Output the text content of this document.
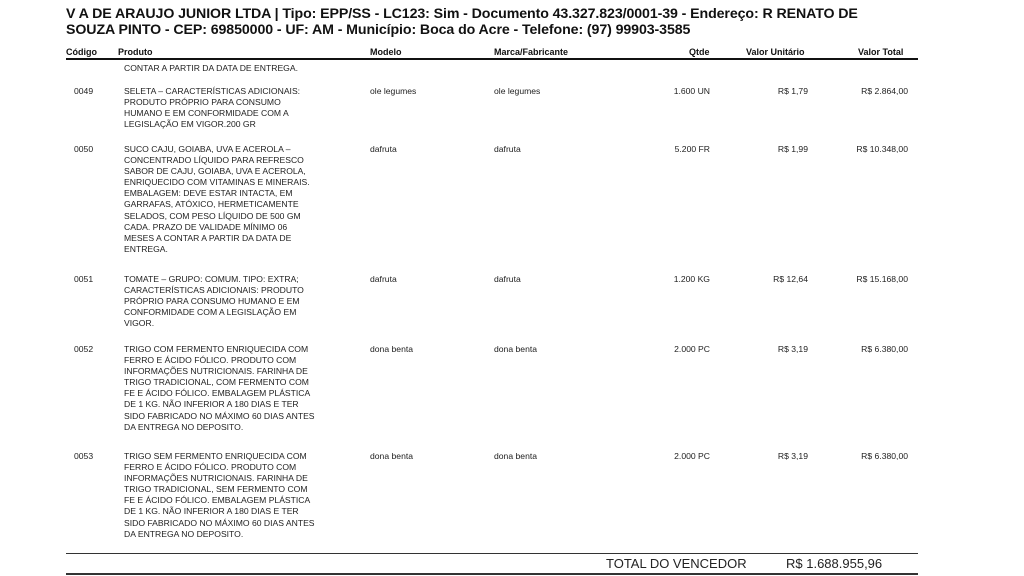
V A DE ARAUJO JUNIOR LTDA | Tipo: EPP/SS - LC123: Sim - Documento 43.327.823/0001-39 - Endereço: R RENATO DE
SOUZA PINTO - CEP: 69850000 - UF: AM - Município: Boca do Acre - Telefone: (97) 99903-3585
Código Produto	Modelo	Marca/Fabricante	Qtde	Valor Unitário	Valor Total
CONTAR A PARTIR DA DATA DE ENTREGA.
0049	SELETA – CARACTERÍSTICAS ADICIONAIS:
PRODUTO PRÓPRIO PARA CONSUMO
HUMANO E EM CONFORMIDADE COM A
LEGISLAÇÃO EM VIGOR.200 GR
ole legumes	ole legumes	1.600 UN	R$ 1,79	R$ 2.864,00
0050	SUCO CAJU, GOIABA, UVA E ACEROLA –
CONCENTRADO LÍQUIDO PARA REFRESCO
SABOR DE CAJU, GOIABA, UVA E ACEROLA,
ENRIQUECIDO COM VITAMINAS E MINERAIS.
EMBALAGEM: DEVE ESTAR INTACTA, EM
GARRAFAS, ATÓXICO, HERMETICAMENTE
SELADOS, COM PESO LÍQUIDO DE 500 GM
CADA. PRAZO DE VALIDADE MÍNIMO 06
MESES A CONTAR A PARTIR DA DATA DE
ENTREGA.
dafruta	dafruta	5.200 FR	R$ 1,99	R$ 10.348,00
0051	TOMATE – GRUPO: COMUM. TIPO: EXTRA;
CARACTERÍSTICAS ADICIONAIS: PRODUTO
PRÓPRIO PARA CONSUMO HUMANO E EM
CONFORMIDADE COM A LEGISLAÇÃO EM
VIGOR.
dafruta	dafruta	1.200 KG	R$ 12,64	R$ 15.168,00
0052	TRIGO COM FERMENTO ENRIQUECIDA COM
FERRO E ÁCIDO FÓLICO. PRODUTO COM
INFORMAÇÕES NUTRICIONAIS. FARINHA DE
TRIGO TRADICIONAL, COM FERMENTO COM
FE E ÁCIDO FÓLICO. EMBALAGEM PLÁSTICA
DE 1 KG. NÃO INFERIOR A 180 DIAS E TER
SIDO FABRICADO NO MÁXIMO 60 DIAS ANTES
DA ENTREGA NO DEPOSITO.
dona benta	dona benta	2.000 PC	R$ 3,19	R$ 6.380,00
0053	TRIGO SEM FERMENTO ENRIQUECIDA COM
FERRO E ÁCIDO FÓLICO. PRODUTO COM
INFORMAÇÕES NUTRICIONAIS. FARINHA DE
TRIGO TRADICIONAL, SEM FERMENTO COM
FE E ÁCIDO FÓLICO. EMBALAGEM PLÁSTICA
DE 1 KG. NÃO INFERIOR A 180 DIAS E TER
SIDO FABRICADO NO MÁXIMO 60 DIAS ANTES
DA ENTREGA NO DEPOSITO.
dona benta	dona benta	2.000 PC	R$ 3,19	R$ 6.380,00
TOTAL DO VENCEDOR	R$ 1.688.955,96
